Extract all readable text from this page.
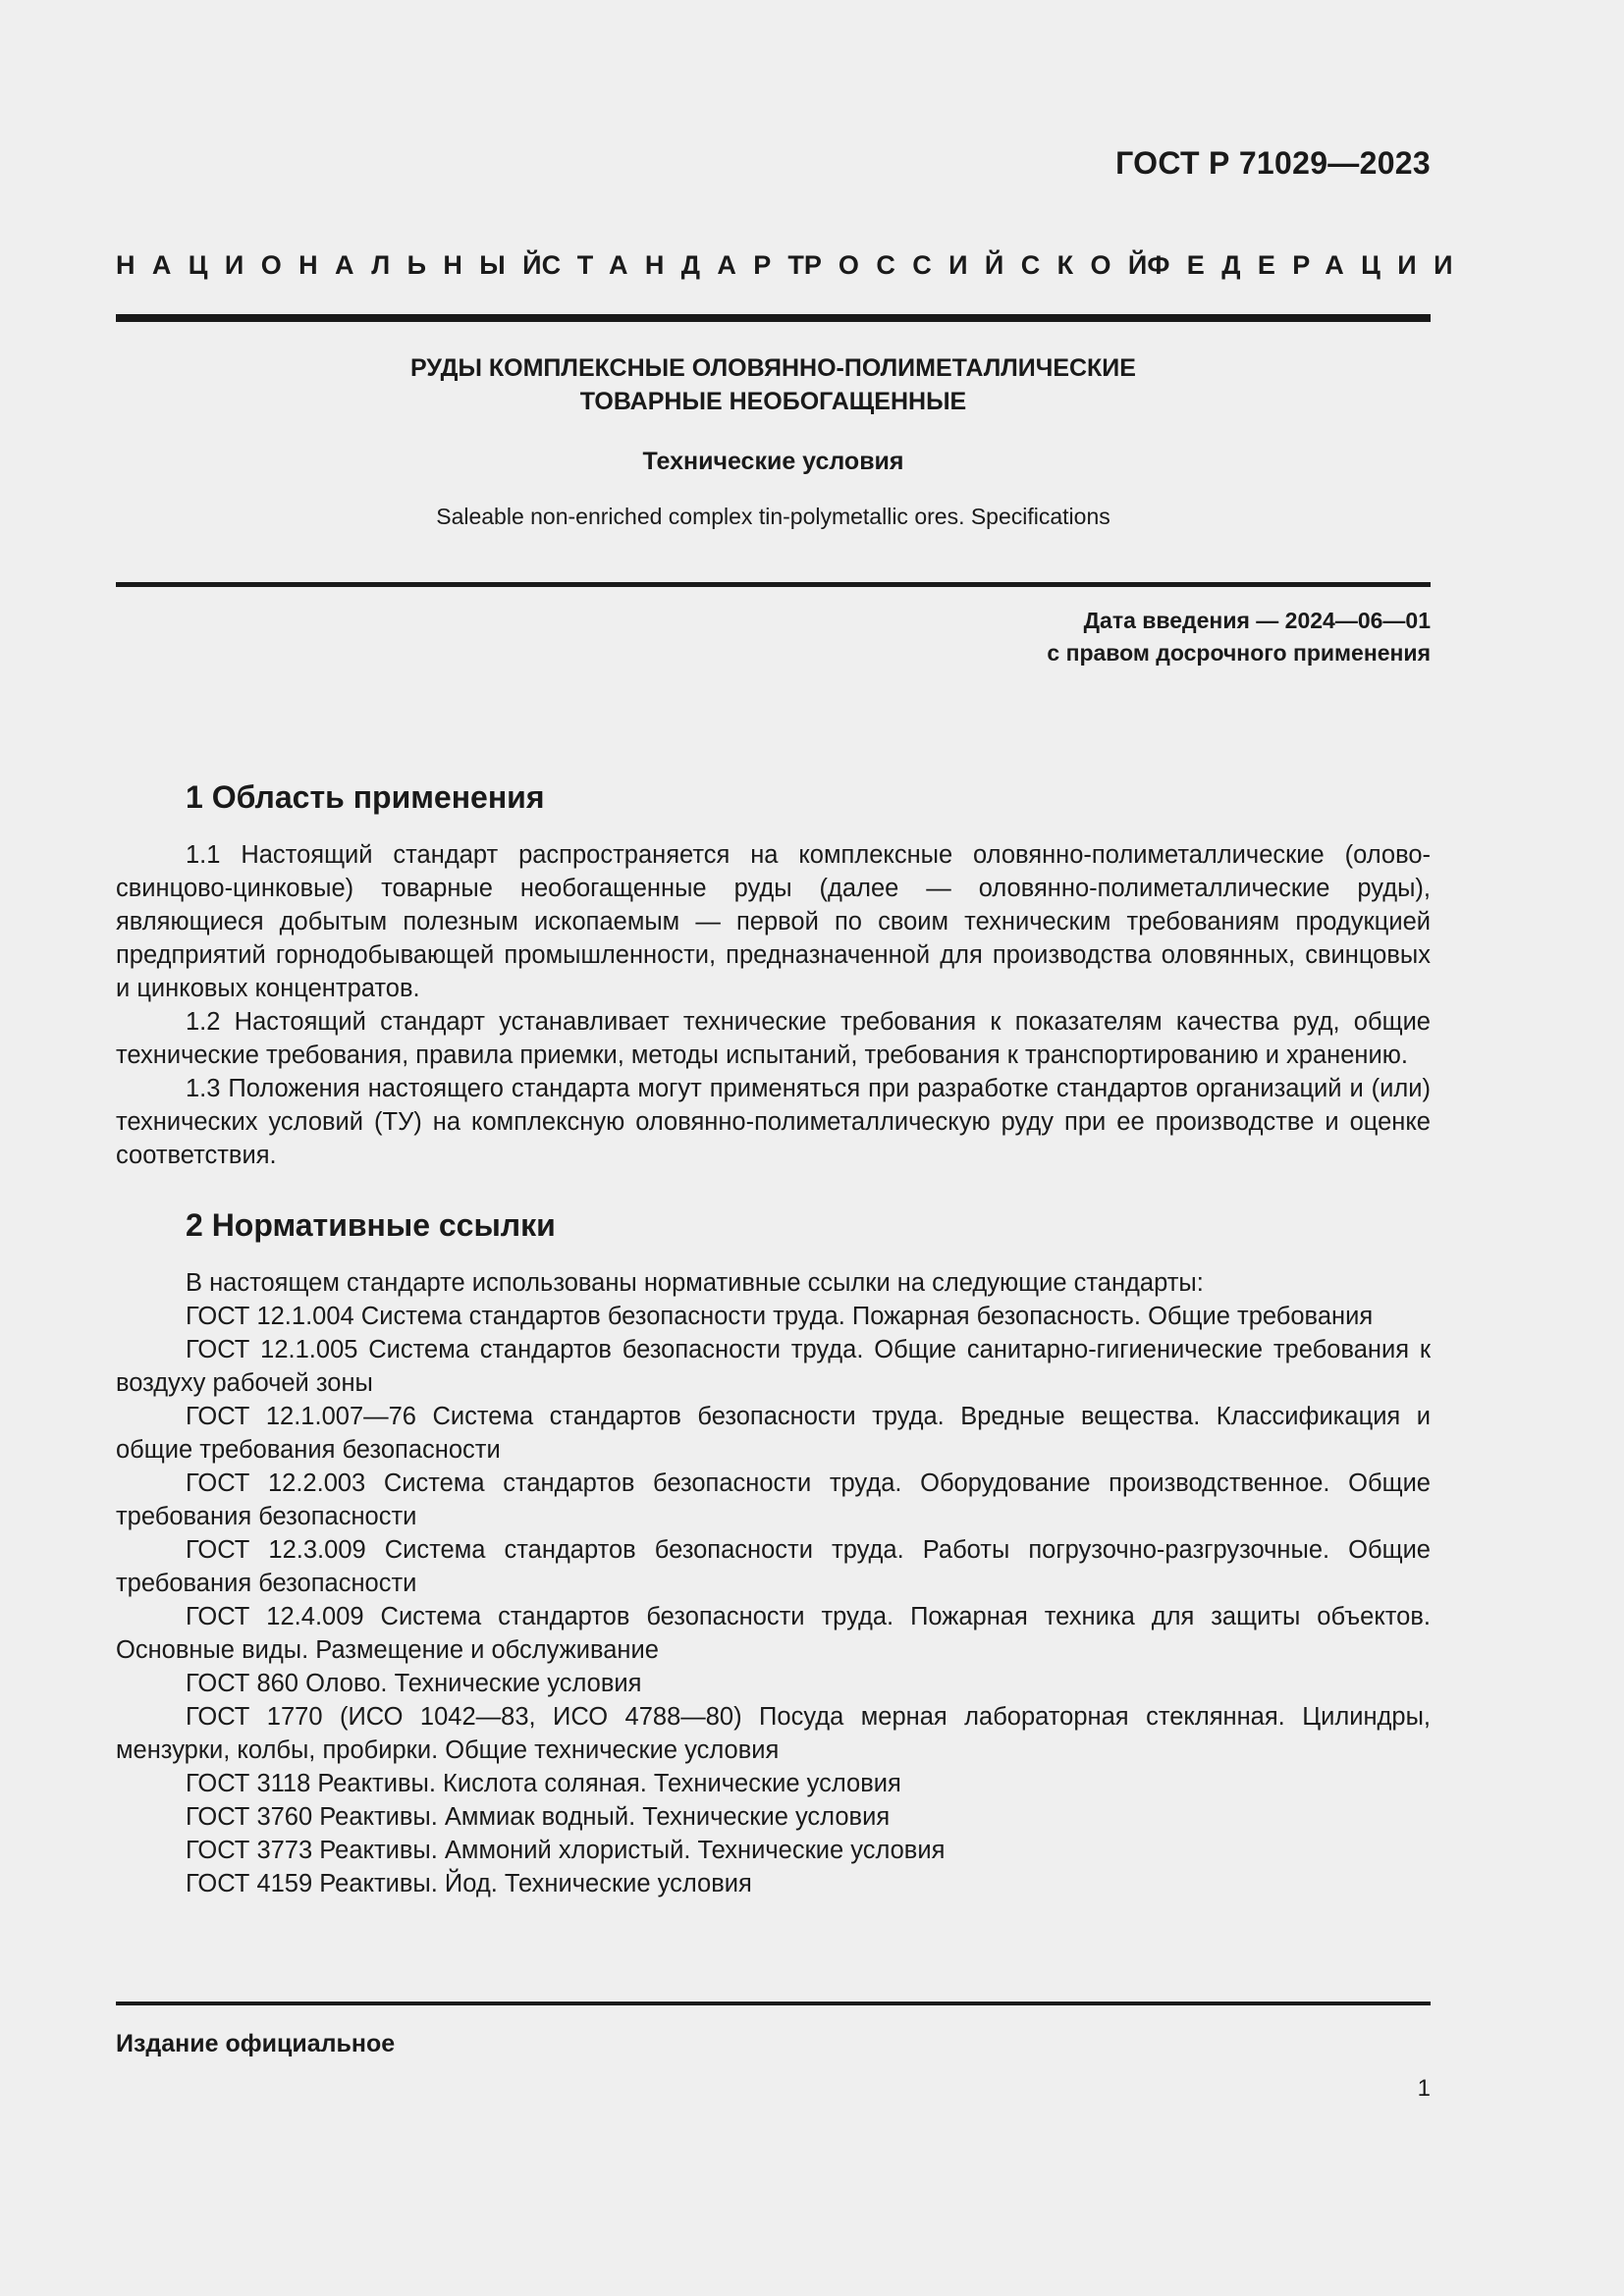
ГОСТ Р 71029—2023
НАЦИОНАЛЬНЫЙ
СТАНДАРТ
РОССИЙСКОЙ
ФЕДЕРАЦИИ
РУДЫ КОМПЛЕКСНЫЕ ОЛОВЯННО-ПОЛИМЕТАЛЛИЧЕСКИЕ
ТОВАРНЫЕ НЕОБОГАЩЕННЫЕ
Технические условия
Saleable non-enriched complex tin-polymetallic ores. Specifications
Дата введения — 2024—06—01
с правом досрочного применения
1 Область применения

1.1 Настоящий стандарт распространяется на комплексные оловянно-полиметаллические (олово-свинцово-цинковые) товарные необогащенные руды (далее — оловянно-полиметаллические руды), являющиеся добытым полезным ископаемым — первой по своим техническим требованиям продукцией предприятий горнодобывающей промышленности, предназначенной для производства оловянных, свинцовых и цинковых концентратов.

1.2 Настоящий стандарт устанавливает технические требования к показателям качества руд, общие технические требования, правила приемки, методы испытаний, требования к транспортированию и хранению.

1.3 Положения настоящего стандарта могут применяться при разработке стандартов организаций и (или) технических условий (ТУ) на комплексную оловянно-полиметаллическую руду при ее производстве и оценке соответствия.

2 Нормативные ссылки

В настоящем стандарте использованы нормативные ссылки на следующие стандарты:

ГОСТ 12.1.004 Система стандартов безопасности труда. Пожарная безопасность. Общие требования

ГОСТ 12.1.005 Система стандартов безопасности труда. Общие санитарно-гигиенические требования к воздуху рабочей зоны

ГОСТ 12.1.007—76 Система стандартов безопасности труда. Вредные вещества. Классификация и общие требования безопасности

ГОСТ 12.2.003 Система стандартов безопасности труда. Оборудование производственное. Общие требования безопасности

ГОСТ 12.3.009 Система стандартов безопасности труда. Работы погрузочно-разгрузочные. Общие требования безопасности

ГОСТ 12.4.009 Система стандартов безопасности труда. Пожарная техника для защиты объектов. Основные виды. Размещение и обслуживание

ГОСТ 860 Олово. Технические условия

ГОСТ 1770 (ИСО 1042—83, ИСО 4788—80) Посуда мерная лабораторная стеклянная. Цилиндры, мензурки, колбы, пробирки. Общие технические условия

ГОСТ 3118 Реактивы. Кислота соляная. Технические условия

ГОСТ 3760 Реактивы. Аммиак водный. Технические условия

ГОСТ 3773 Реактивы. Аммоний хлористый. Технические условия

ГОСТ 4159 Реактивы. Йод. Технические условия

Издание официальное
1
